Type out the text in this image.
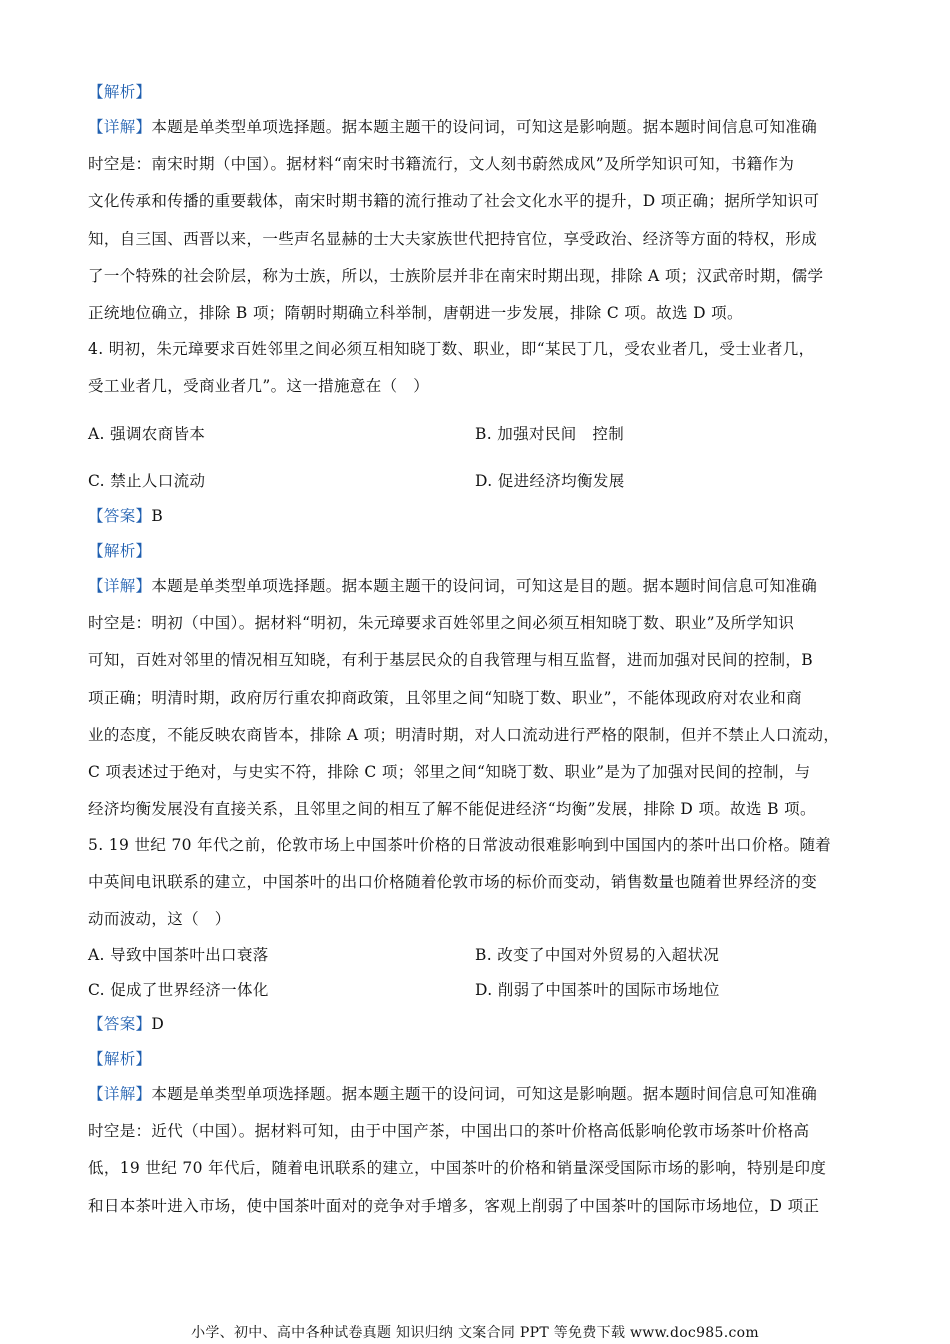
【解析】
【详解】本题是单类型单项选择题。据本题主题干的设问词，可知这是影响题。据本题时间信息可知准确
时空是：南宋时期（中国）。据材料“南宋时书籍流行，文人刻书蔚然成风”及所学知识可知，书籍作为
文化传承和传播的重要载体，南宋时期书籍的流行推动了社会文化水平的提升，D 项正确；据所学知识可
知，自三国、西晋以来，一些声名显赫的士大夫家族世代把持官位，享受政治、经济等方面的特权，形成
了一个特殊的社会阶层，称为士族，所以，士族阶层并非在南宋时期出现，排除 A 项；汉武帝时期，儒学
正统地位确立，排除 B 项；隋朝时期确立科举制，唐朝进一步发展，排除 C 项。故选 D 项。
4. 明初，朱元璋要求百姓邻里之间必须互相知晓丁数、职业，即“某民丁几，受农业者几，受士业者几，
受工业者几，受商业者几”。这一措施意在（　）
A. 强调农商皆本	B. 加强对民间　控制
C. 禁止人口流动	D. 促进经济均衡发展
【答案】B
【解析】
【详解】本题是单类型单项选择题。据本题主题干的设问词，可知这是目的题。据本题时间信息可知准确
时空是：明初（中国）。据材料“明初，朱元璋要求百姓邻里之间必须互相知晓丁数、职业”及所学知识
可知，百姓对邻里的情况相互知晓，有利于基层民众的自我管理与相互监督，进而加强对民间的控制，B
项正确；明清时期，政府厉行重农抑商政策，且邻里之间“知晓丁数、职业”，不能体现政府对农业和商
业的态度，不能反映农商皆本，排除 A 项；明清时期，对人口流动进行严格的限制，但并不禁止人口流动，
C 项表述过于绝对，与史实不符，排除 C 项；邻里之间“知晓丁数、职业”是为了加强对民间的控制，与
经济均衡发展没有直接关系，且邻里之间的相互了解不能促进经济“均衡”发展，排除 D 项。故选 B 项。
5. 19 世纪 70 年代之前，伦敦市场上中国茶叶价格的日常波动很难影响到中国国内的茶叶出口价格。随着
中英间电讯联系的建立，中国茶叶的出口价格随着伦敦市场的标价而变动，销售数量也随着世界经济的变
动而波动，这（　）
A. 导致中国茶叶出口衰落	B. 改变了中国对外贸易的入超状况
C. 促成了世界经济一体化	D. 削弱了中国茶叶的国际市场地位
【答案】D
【解析】
【详解】本题是单类型单项选择题。据本题主题干的设问词，可知这是影响题。据本题时间信息可知准确
时空是：近代（中国）。据材料可知，由于中国产茶，中国出口的茶叶价格高低影响伦敦市场茶叶价格高
低，19 世纪 70 年代后，随着电讯联系的建立，中国茶叶的价格和销量深受国际市场的影响，特别是印度
和日本茶叶进入市场，使中国茶叶面对的竞争对手增多，客观上削弱了中国茶叶的国际市场地位，D 项正
小学、初中、高中各种试卷真题 知识归纳 文案合同 PPT 等免费下载 www.doc985.com
